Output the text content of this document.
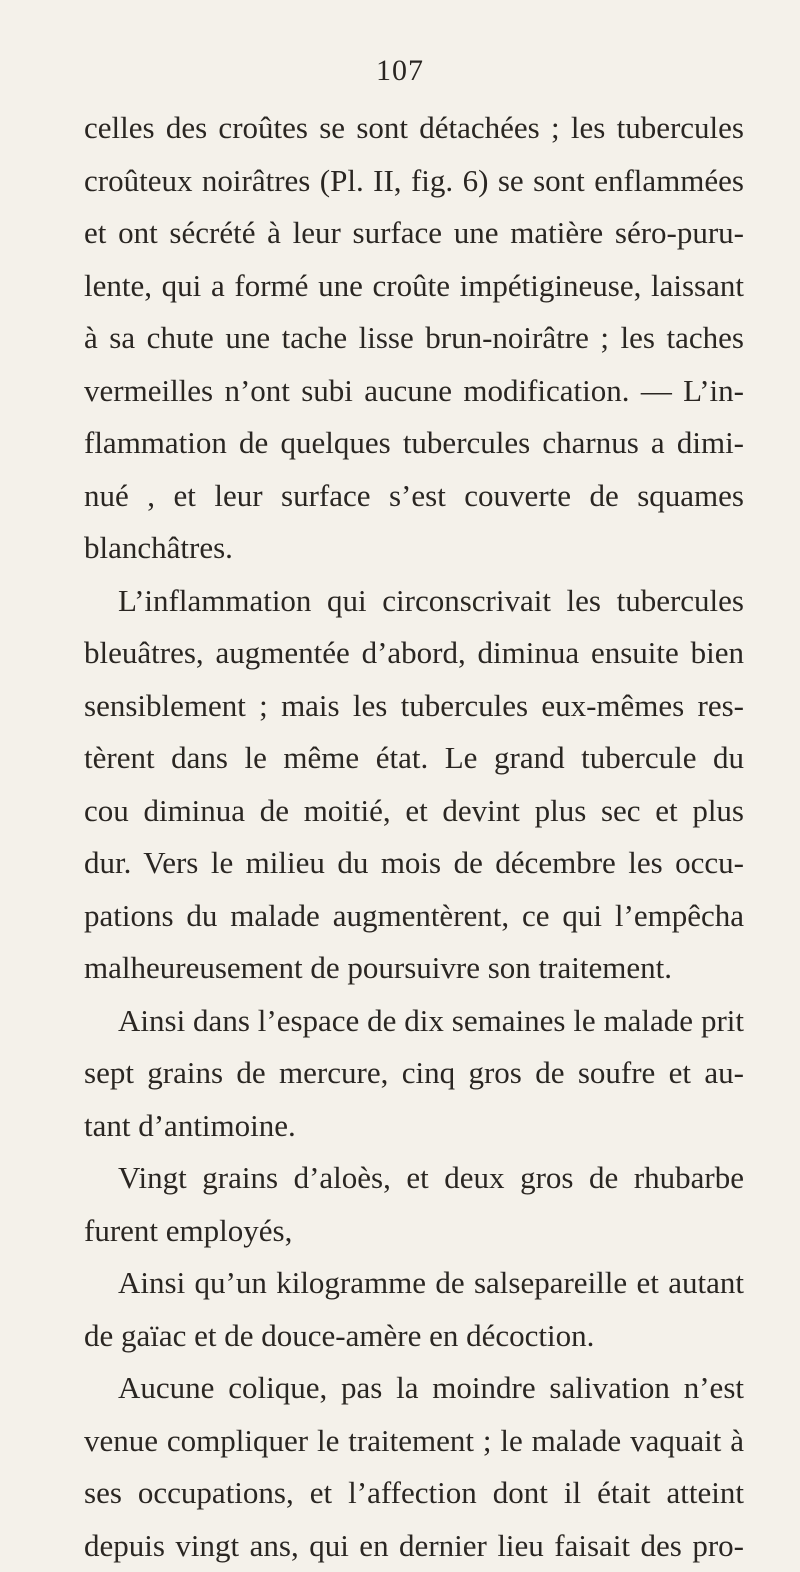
107
celles des croûtes se sont détachées ; les tubercules
croûteux noirâtres (Pl. II, fig. 6) se sont enflammées
et ont sécrété à leur surface une matière séro-puru-
lente, qui a formé une croûte impétigineuse, laissant
à sa chute une tache lisse brun-noirâtre ; les taches
vermeilles n’ont subi aucune modification. — L’in-
flammation de quelques tubercules charnus a dimi-
nué , et leur surface s’est couverte de squames
blanchâtres.
L’inflammation qui circonscrivait les tubercules
bleuâtres, augmentée d’abord, diminua ensuite bien
sensiblement ; mais les tubercules eux-mêmes res-
tèrent dans le même état. Le grand tubercule du
cou diminua de moitié, et devint plus sec et plus
dur. Vers le milieu du mois de décembre les occu-
pations du malade augmentèrent, ce qui l’empêcha
malheureusement de poursuivre son traitement.
Ainsi dans l’espace de dix semaines le malade prit
sept grains de mercure, cinq gros de soufre et au-
tant d’antimoine.
Vingt grains d’aloès, et deux gros de rhubarbe
furent employés,
Ainsi qu’un kilogramme de salsepareille et autant
de gaïac et de douce-amère en décoction.
Aucune colique, pas la moindre salivation n’est
venue compliquer le traitement ; le malade vaquait à
ses occupations, et l’affection dont il était atteint
depuis vingt ans, qui en dernier lieu faisait des pro-
